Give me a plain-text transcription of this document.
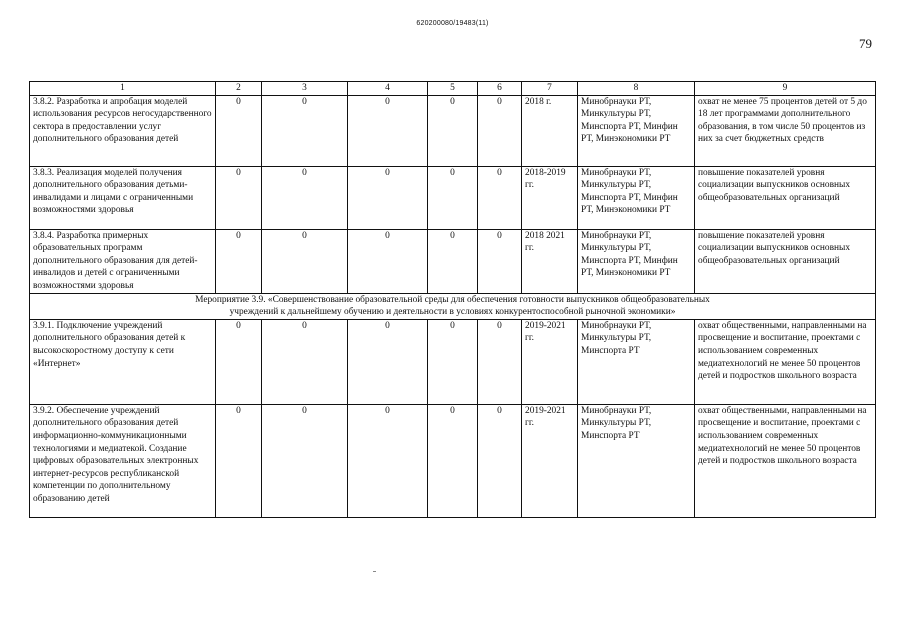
620200080/19483(11)
79
1	2	3	4	5	6	7	8	9
3.8.2. Разработка и апробация моделей использования ресурсов негосударственного сектора в предоставлении услуг дополнительного образования детей	0	0	0	0	0	2018 г.	Минобрнауки РТ, Минкультуры РТ, Минспорта РТ, Минфин РТ, Минэкономики РТ	охват не менее 75 процентов детей от 5 до 18 лет программами дополнительного образования, в том числе 50 процентов из них за счет бюджетных средств
3.8.3. Реализация моделей получения дополнительного образования детьми-инвалидами и лицами с ограниченными возможностями здоровья	0	0	0	0	0	2018-2019 гг.	Минобрнауки РТ, Минкультуры РТ, Минспорта РТ, Минфин РТ, Минэкономики РТ	повышение показателей уровня социализации выпускников основных общеобразовательных организаций
3.8.4. Разработка примерных образовательных программ дополнительного образования для детей-инвалидов и детей с ограниченными возможностями здоровья	0	0	0	0	0	2018 2021 гг.	Минобрнауки РТ, Минкультуры РТ, Минспорта РТ, Минфин РТ, Минэкономики РТ	повышение показателей уровня социализации выпускников основных общеобразовательных организаций

Мероприятие 3.9. «Совершенствование образовательной среды для обеспечения готовности выпускников общеобразовательных
учреждений к дальнейшему обучению и деятельности в условиях конкурентоспособной рыночной экономики»								

3.9.1. Подключение учреждений дополнительного образования детей к высокоскоростному доступу к сети «Интернет»	0	0	0	0	0	2019-2021 гг.	Минобрнауки РТ, Минкультуры РТ, Минспорта РТ	охват общественными, направленными на просвещение и воспитание, проектами с использованием современных медиатехнологий не менее 50 процентов детей и подростков школьного возраста
3.9.2. Обеспечение учреждений дополнительного образования детей информационно-коммуникационными технологиями и медиатекой. Создание цифровых образовательных электронных интернет-ресурсов республиканской компетенции по дополнительному образованию детей	0	0	0	0	0	2019-2021 гг.	Минобрнауки РТ, Минкультуры РТ, Минспорта РТ	охват общественными, направленными на просвещение и воспитание, проектами с использованием современных медиатехнологий не менее 50 процентов детей и подростков школьного возраста
